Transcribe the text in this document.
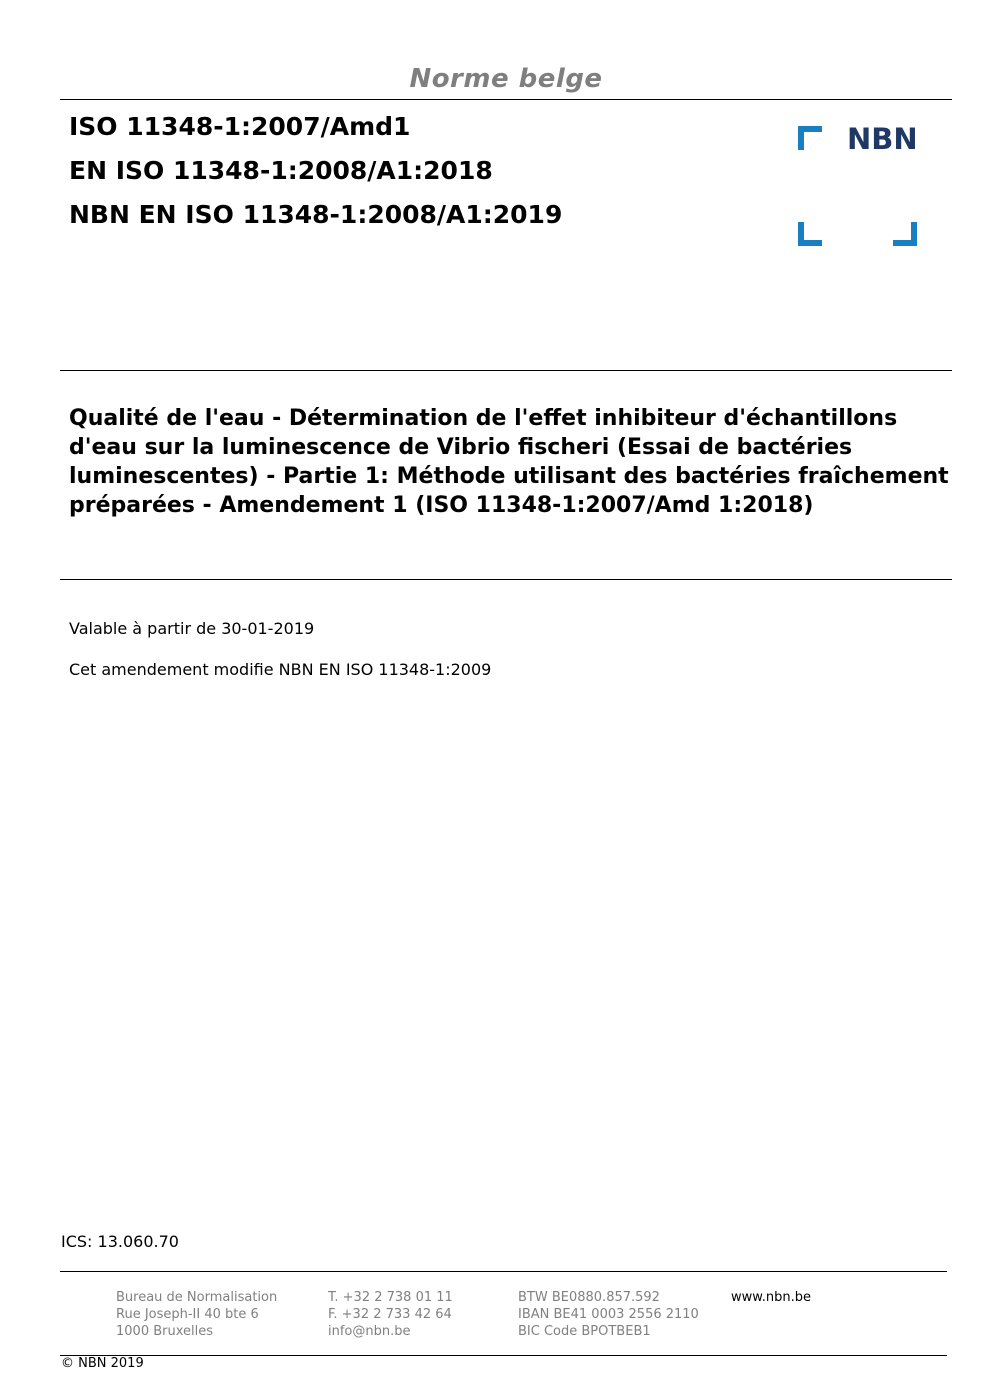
Norme belge
ISO 11348-1:2007/Amd1
EN ISO 11348-1:2008/A1:2018
NBN EN ISO 11348-1:2008/A1:2019
NBN
Qualité de l'eau - Détermination de l'effet inhibiteur d'échantillons d'eau sur la luminescence de Vibrio fischeri (Essai de bactéries luminescentes) - Partie 1: Méthode utilisant des bactéries fraîchement préparées - Amendement 1 (ISO 11348-1:2007/Amd 1:2018)
Valable à partir de 30-01-2019
Cet amendement modifie NBN EN ISO 11348-1:2009
ICS: 13.060.70
Bureau de Normalisation
Rue Joseph-II 40 bte 6
1000 Bruxelles
T. +32 2 738 01 11
F. +32 2 733 42 64
info@nbn.be
BTW BE0880.857.592
IBAN BE41 0003 2556 2110
BIC Code BPOTBEB1
www.nbn.be
© NBN 2019
